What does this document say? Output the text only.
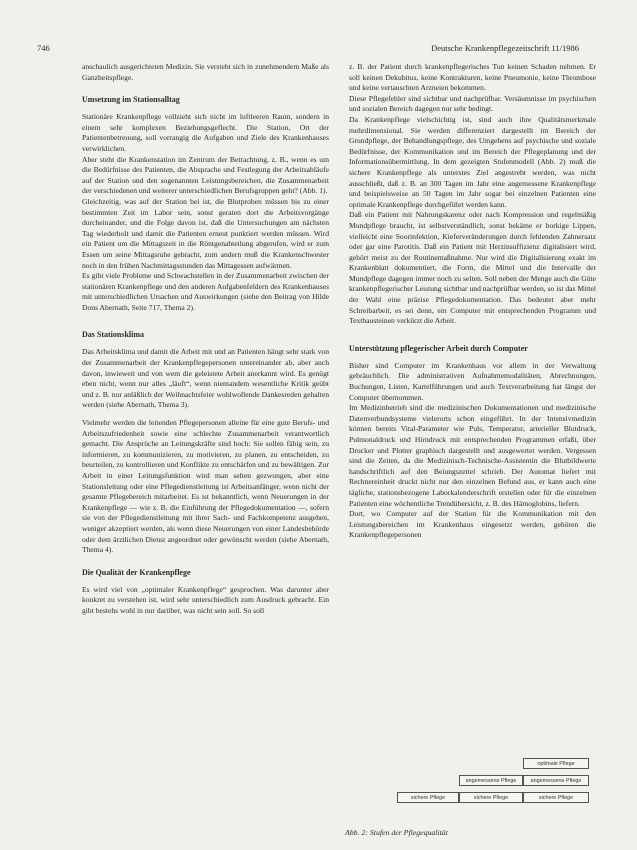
746	Deutsche Krankenpflegezeitschrift 11/1986

anschaulich ausgerichteten Medizin. Sie versteht sich in zunehmendem Maße als Ganzheitspflege.

Umsetzung im Stationsalltag

Stationäre Krankenpflege vollzieht sich nicht im luftleeren Raum, sondern in einem sehr komplexen Beziehungsgeflecht. Die Station, Ort der Patientenbetreuung, soll vorrangig die Aufgaben und Ziele des Krankenhauses verwirklichen.

Aber steht die Krankenstation im Zentrum der Betrachtung, z. B., wenn es um die Bedürfnisse des Patienten, die Absprache und Festlegung der Arbeitsabläufe auf der Station und den sogenannten Leistungsbereichen, die Zusammenarbeit der verschiedenen und weiterer unterschiedlichen Berufsgruppen geht? (Abb. 1).

Gleichzeitig, was auf der Station bei ist, die Blutproben müssen bis zu einer bestimmten Zeit im Labor sein, sonst geraten dort die Arbeitsvorgänge durcheinander, und die Folge davon ist, daß die Untersuchungen am nächsten Tag wiederholt und damit die Patienten erneut punktiert werden müssen. Wird ein Patient um die Mittagszeit in die Röntgenabteilung abgerufen, wird er zum Essen um seine Mittagsruhe gebracht, zum andern muß die Krankenschwester noch in den frühen Nachmittagsstunden das Mittagessen aufwärmen.

Es gibt viele Probleme und Schwachstellen in der Zusammenarbeit zwischen der stationären Krankenpflege und den anderen Aufgabenfeldern des Krankenhauses mit unterschiedlichen Ursachen und Auswirkungen (siehe den Beitrag von Hilde Dons Abernath, Seite 717, Thema 2).

Das Stationsklima

Das Arbeitsklima und damit die Arbeit mit und an Patienten hängt sehr stark von der Zusammenarbeit der Krankenpflegepersonen untereinander ab, aber auch davon, inwieweit und von wem die geleistete Arbeit anerkannt wird. Es genügt eben nicht, wenn nur alles „läuft“, wenn niemandem wesentliche Kritik geübt und z. B. nur anläßlich der Weihnachtsfeier wohlwollende Dankesreden gehalten werden (siehe Abernath, Thema 3).

Vielmehr werden die leitenden Pflegepersonen alleine für eine gute Berufs- und Arbeitszufriedenheit sowie eine schlechte Zusammenarbeit verantwortlich gemacht. Die Ansprüche an Leitungskräfte sind hoch: Sie sollen fähig sein, zu informieren, zu kommunizieren, zu motivieren, zu planen, zu entscheiden, zu beurteilen, zu kontrollieren und Konflikte zu entschärfen und zu bewältigen. Zur Arbeit in einer Leitungsfunktion wird man selten gezwungen, aber eine Stationsleitung oder eine Pflegedienstleitung ist Arbeitsanfänger, wenn nicht der gesamte Pflegebereich mitarbeitet. Es ist bekanntlich, wenn Neuerungen in der Krankenpflege — wie z. B. die Einführung der Pflegedokumentation —, sofern sie von der Pflegedienstleitung mit ihrer Sach- und Fachkompetenz ausgehen, weniger akzeptiert werden, als wenn diese Neuerungen von einer Landesbehörde oder dem ärztlichen Dienst angeordnet oder gewünscht werden (siehe Abernath, Thema 4).

Die Qualität der Krankenpflege

Es wird viel von „optimaler Krankenpflege“ gesprochen. Was darunter aber konkret zu verstehen ist, wird sehr unterschiedlich zum Ausdruck gebracht. Ein gibt bestehs wohl in nur darüber, was nicht sein soll. So soll

z. B. der Patient durch krankenpflegerisches Tun keinen Schaden nehmen. Er soll keinen Dekubitus, keine Kontrakturen, keine Pneumonie, keine Thrombose und keine vertauschten Arzneien bekommen.

Diese Pflegefehler sind sichtbar und nachprüfbar. Versäumnisse im psychischen und sozialen Bereich dagegen nur sehr bedingt.

Da Krankenpflege vielschichtig ist, sind auch ihre Qualitätsmerkmale mehrdimensional. Sie werden differenziert dargestellt im Bereich der Grundpflege, der Behandlungspflege, des Umgehens auf psychische und soziale Bedürfnisse, der Kommunikation und im Bereich der Pflegeplanung und der Informationsübermittlung. In dem gezeigten Stufenmodell (Abb. 2) muß die sichere Krankenpflege als unterstes Ziel angestrebt werden, was nicht ausschließt, daß z. B. an 300 Tagen im Jahr eine angemessene Krankenpflege und beispielsweise an 50 Tagen im Jahr sogar bei einzelnen Patienten eine optimale Krankenpflege durchgeführt werden kann.

Daß ein Patient mit Nahrungskarenz oder nach Kompression und regelmäßig Mundpflege braucht, ist selbstverständlich, sonst bekäme er borkige Lippen, vielleicht eine Soorinfektion, Kieferveränderungen durch fehlenden Zahnersatz oder gar eine Parotitis. Daß ein Patient mit Herzinsuffizienz digitalisiert wird, gehört meist zu der Routinemaßnahme. Nur wird die Digitalisierung exakt im Krankenblatt dokumentiert, die Form, die Mittel und die Intervalle der Mundpflege dagegen immer noch zu selten. Soll neben der Menge auch die Güte krankenpflegerischer Leistung sichtbar und nachprüfbar werden, so ist das Mittel der Wahl eine präzise Pflegedokumentation. Das bedeutet aber mehr Schreibarbeit, es sei denn, ein Computer mit entsprechenden Programm und Textbausteinen verkürzt die Arbeit.

Unterstützung pflegerischer Arbeit durch Computer

Bisher sind Computer im Krankenhaus vor allem in der Verwaltung gebräuchlich. Die administrativen Aufnahmemodalitäten, Abrechnungen, Buchungen, Listen, Kartelführungen und auch Textverarbeitung hat längst der Computer übernommen.

Im Medizinbetrieb sind die medizinischen Dokumentationen und medizinische Datenverbundsysteme vielerorts schon eingeführt. In der Intensivmedizin können bereits Vital-Parameter wie Puls, Temperatur, arterieller Blutdruck, Pulmonaldruck und Hirndruck mit entsprechenden Programmen erfaßt, über Drucker und Plotter graphisch dargestellt und ausgewertet werden. Vergessen sind die Zeiten, da die Medizinisch-Technische-Assistentin die Blutbildwerte handschriftlich auf den Beiungszettel schrieb. Der Automat liefert mit Rechnereinheit druckt nicht nur den einzelnen Befund aus, er kann auch eine tägliche, stationsbezogene Laborkalenderschrift erstellen oder für die einzelnen Patienten eine wöchentliche Trendübersicht, z. B. des Hämoglobins, liefern.

Dort, wo Computer auf der Station für die Kommunikation mit den Leistungsbereichen im Krankenhaus eingesetzt werden, gehören die Krankenpflegepersonen

optimale Pflege
angemessene Pflege	angemessene Pflege
sichere Pflege	sichere Pflege	sichere Pflege
Abb. 2: Stufen der Pflegequalität
